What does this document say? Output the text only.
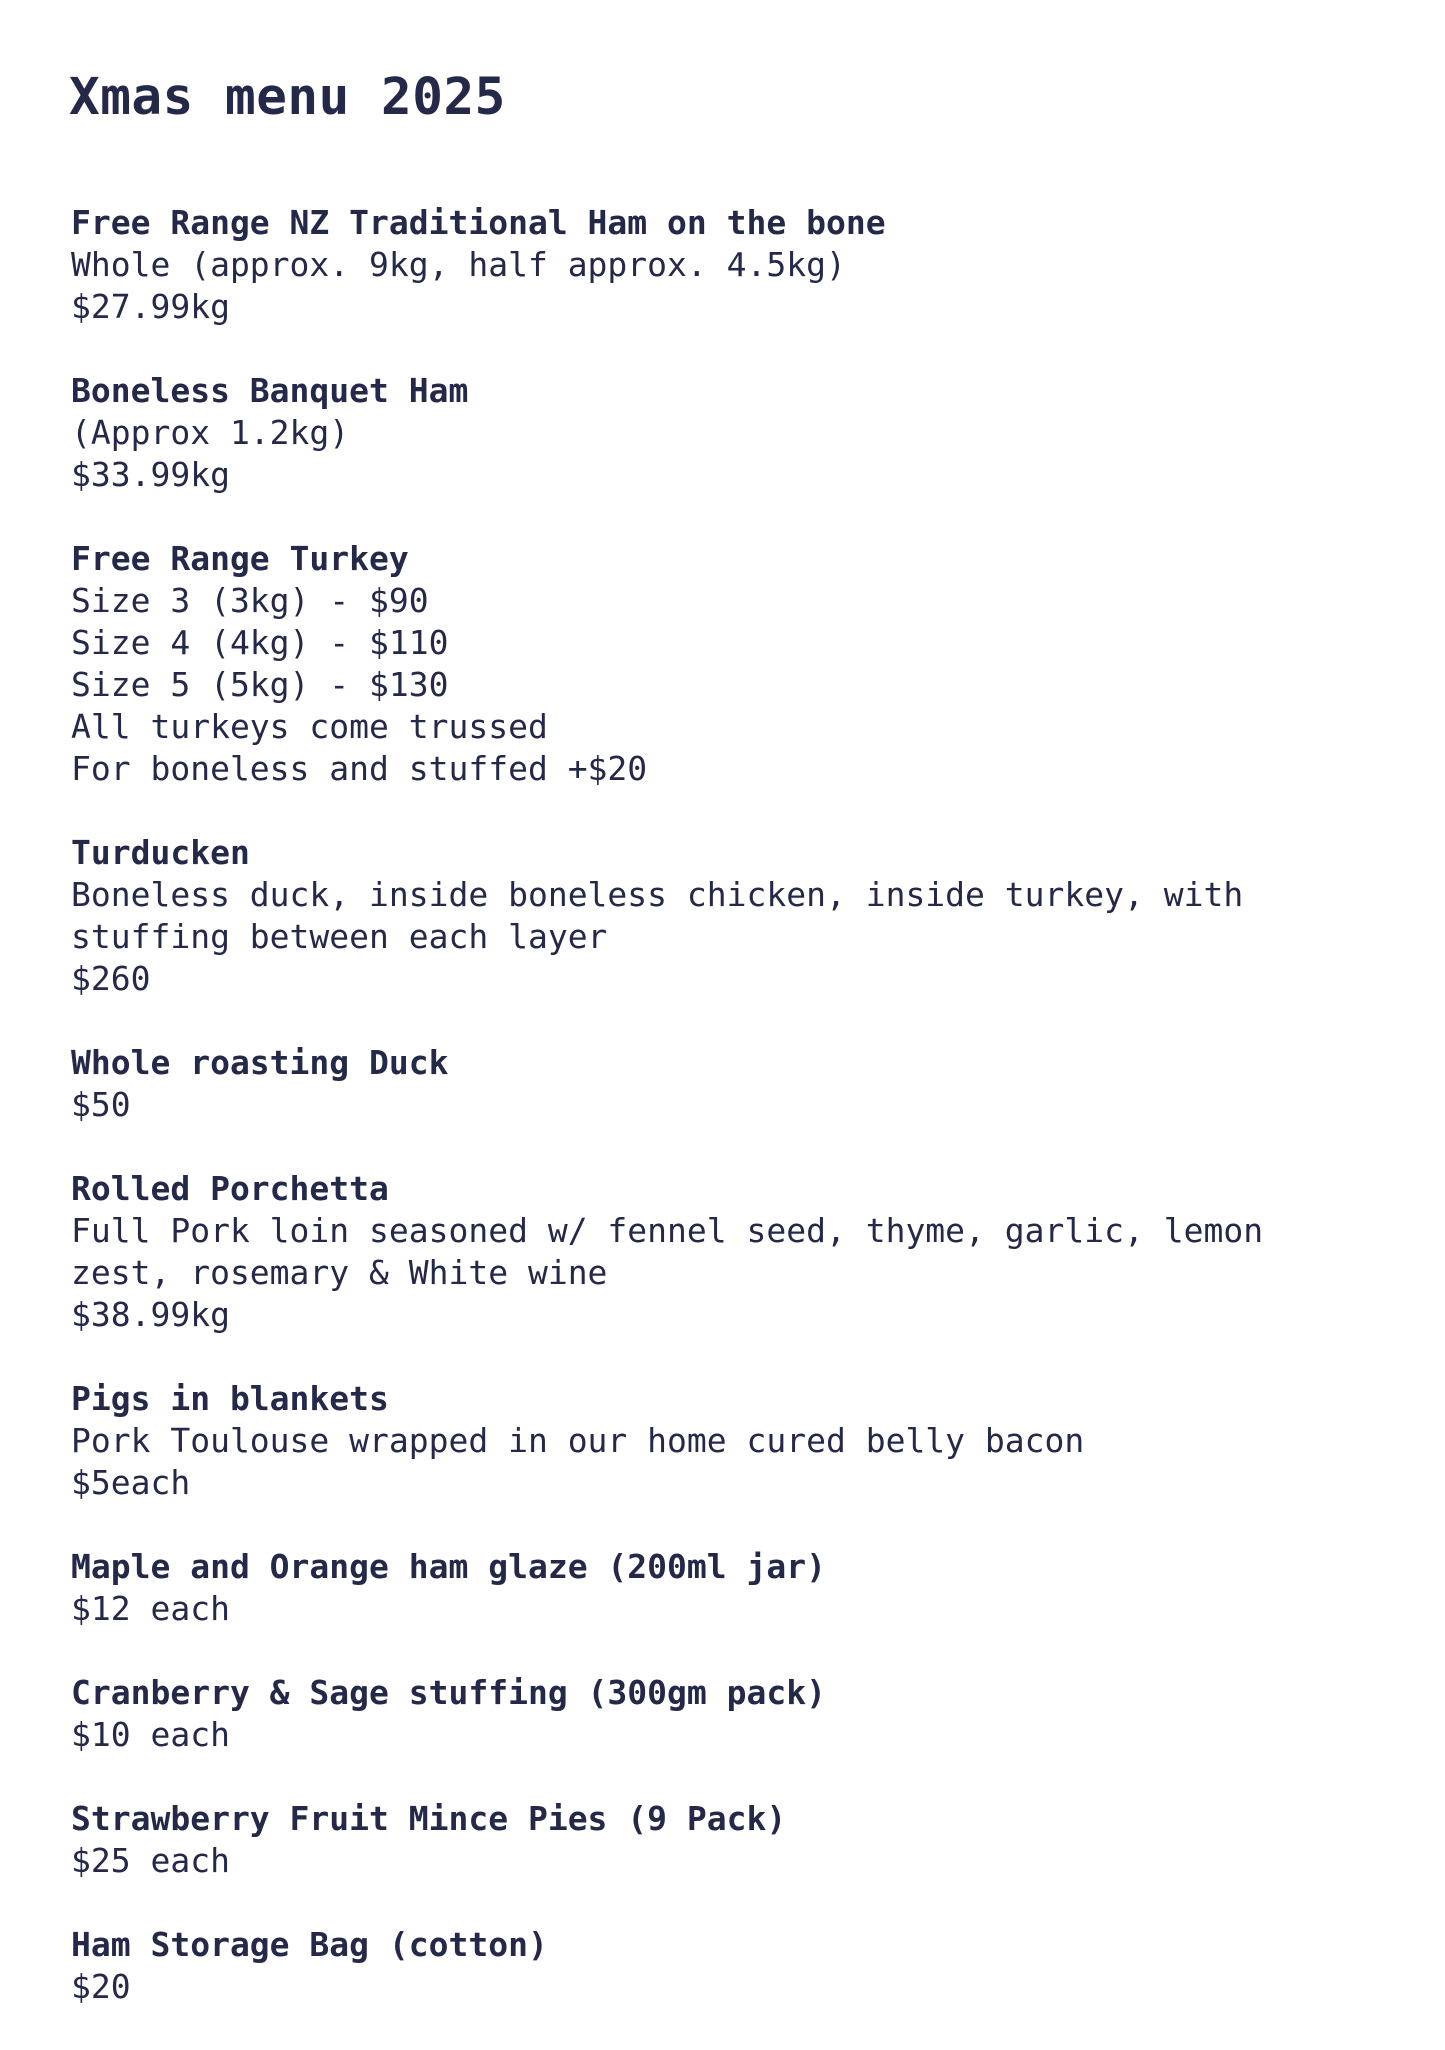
Xmas menu 2025
Free Range NZ Traditional Ham on the bone
Whole (approx. 9kg, half approx. 4.5kg)
$27.99kg
Boneless Banquet Ham
(Approx 1.2kg)
$33.99kg
Free Range Turkey
Size 3 (3kg) - $90
Size 4 (4kg) - $110
Size 5 (5kg) - $130
All turkeys come trussed
For boneless and stuffed +$20
Turducken
Boneless duck, inside boneless chicken, inside turkey, with
stuffing between each layer
$260
Whole roasting Duck
$50
Rolled Porchetta
Full Pork loin seasoned w/ fennel seed, thyme, garlic, lemon
zest, rosemary & White wine
$38.99kg
Pigs in blankets
Pork Toulouse wrapped in our home cured belly bacon
$5each
Maple and Orange ham glaze (200ml jar)
$12 each
Cranberry & Sage stuffing (300gm pack)
$10 each
Strawberry Fruit Mince Pies (9 Pack)
$25 each
Ham Storage Bag (cotton)
$20
